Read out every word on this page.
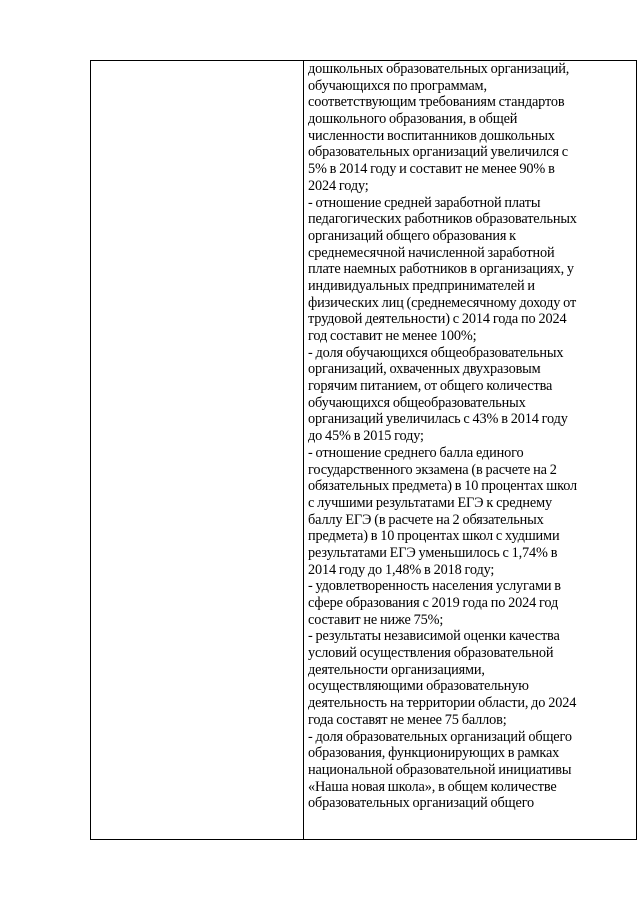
дошкольных образовательных организаций,
обучающихся по программам,
соответствующим требованиям стандартов
дошкольного образования, в общей
численности воспитанников дошкольных
образовательных организаций увеличился с
5% в 2014 году и составит не менее 90% в
2024 году;
- отношение средней заработной платы
педагогических работников образовательных
организаций общего образования к
среднемесячной начисленной заработной
плате наемных работников в организациях, у
индивидуальных предпринимателей и
физических лиц (среднемесячному доходу от
трудовой деятельности) с 2014 года по 2024
год составит не менее 100%;
- доля обучающихся общеобразовательных
организаций, охваченных двухразовым
горячим питанием, от общего количества
обучающихся общеобразовательных
организаций увеличилась с 43% в 2014 году
до 45% в 2015 году;
- отношение среднего балла единого
государственного экзамена (в расчете на 2
обязательных предмета) в 10 процентах школ
с лучшими результатами ЕГЭ к среднему
баллу ЕГЭ (в расчете на 2 обязательных
предмета) в 10 процентах школ с худшими
результатами ЕГЭ уменьшилось с 1,74% в
2014 году до 1,48% в 2018 году;
- удовлетворенность населения услугами в
сфере образования с 2019 года по 2024 год
составит не ниже 75%;
- результаты независимой оценки качества
условий осуществления образовательной
деятельности организациями,
осуществляющими образовательную
деятельность на территории области, до 2024
года составят не менее 75 баллов;
- доля образовательных организаций общего
образования, функционирующих в рамках
национальной образовательной инициативы
«Наша новая школа», в общем количестве
образовательных организаций общего
